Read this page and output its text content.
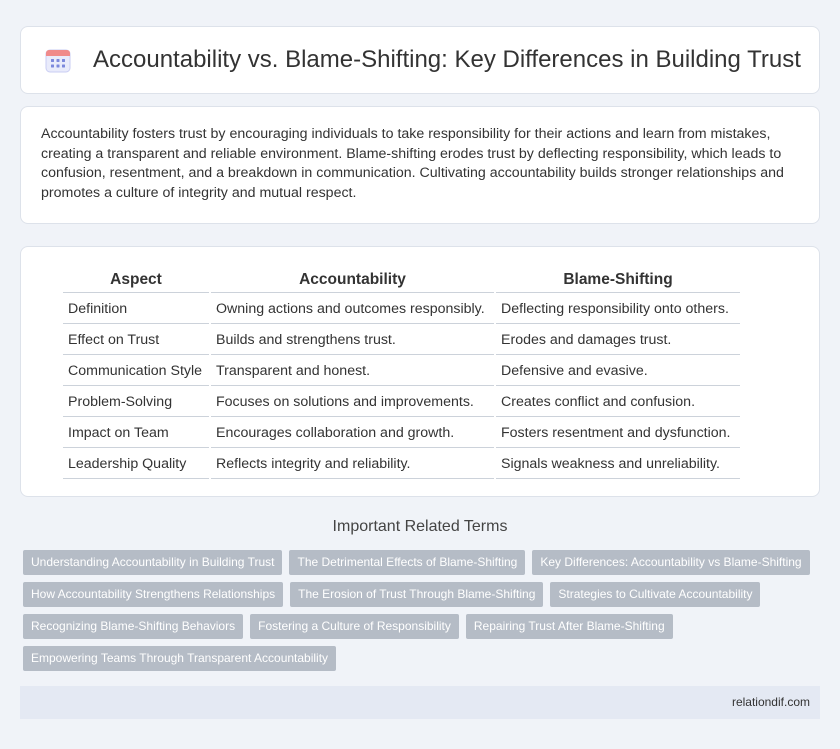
Accountability vs. Blame-Shifting: Key Differences in Building Trust

Accountability fosters trust by encouraging individuals to take responsibility for their actions and learn from mistakes, creating a transparent and reliable environment. Blame-shifting erodes trust by deflecting responsibility, which leads to confusion, resentment, and a breakdown in communication. Cultivating accountability builds stronger relationships and promotes a culture of integrity and mutual respect.

Aspect	Accountability	Blame-Shifting
Definition	Owning actions and outcomes responsibly.	Deflecting responsibility onto others.
Effect on Trust	Builds and strengthens trust.	Erodes and damages trust.
Communication Style	Transparent and honest.	Defensive and evasive.
Problem-Solving	Focuses on solutions and improvements.	Creates conflict and confusion.
Impact on Team	Encourages collaboration and growth.	Fosters resentment and dysfunction.
Leadership Quality	Reflects integrity and reliability.	Signals weakness and unreliability.
Important Related Terms
Understanding Accountability in Building Trust	The Detrimental Effects of Blame-Shifting	Key Differences: Accountability vs Blame-Shifting
How Accountability Strengthens Relationships	The Erosion of Trust Through Blame-Shifting	Strategies to Cultivate Accountability
Recognizing Blame-Shifting Behaviors	Fostering a Culture of Responsibility	Repairing Trust After Blame-Shifting
Empowering Teams Through Transparent Accountability
relationdif.com
